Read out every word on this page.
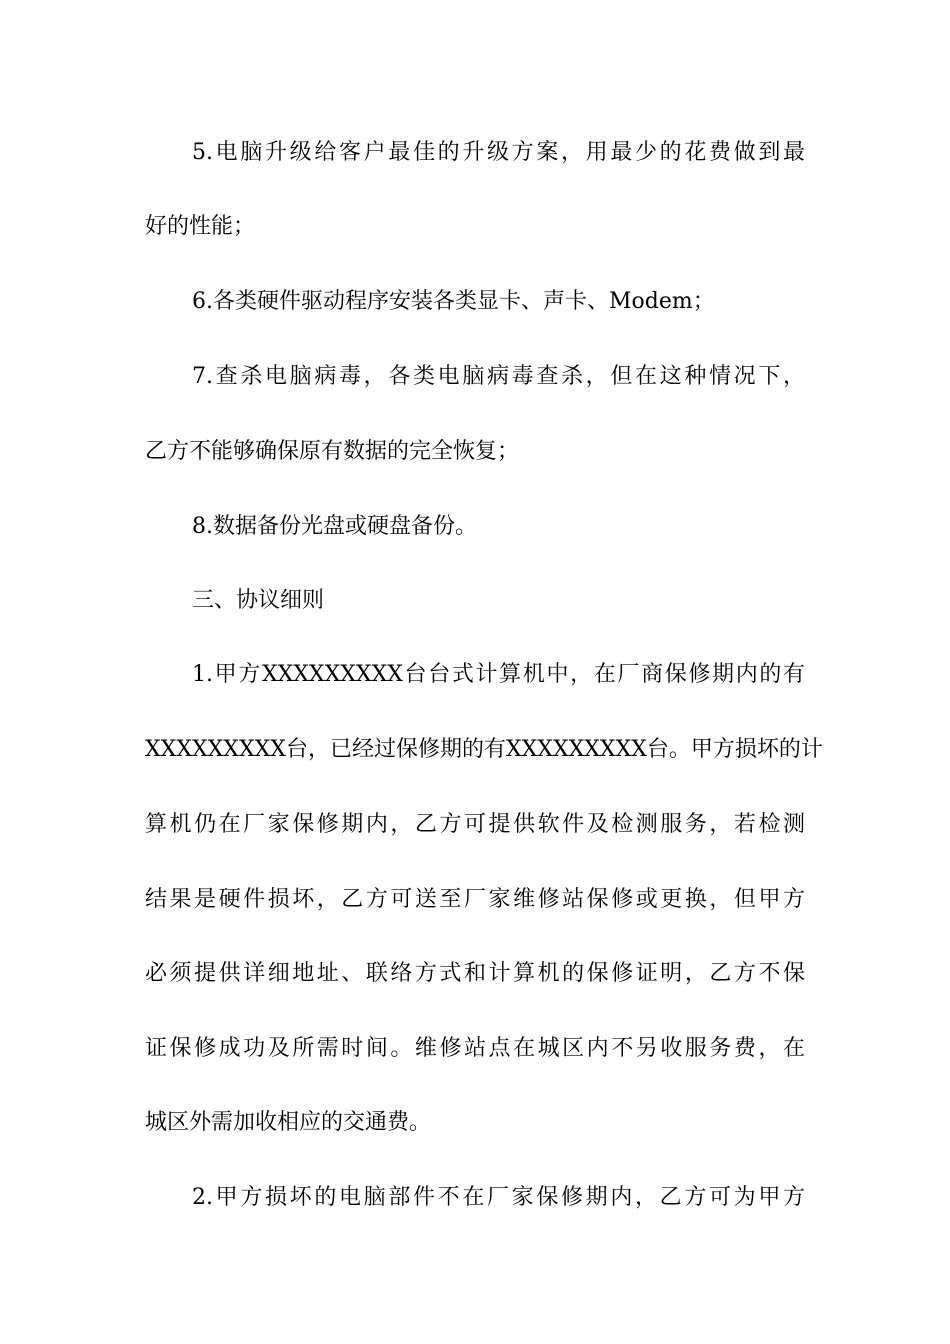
5.电脑升级给客户最佳的升级方案，用最少的花费做到最
好的性能；
6.各类硬件驱动程序安装各类显卡、声卡、Modem；
7.查杀电脑病毒，各类电脑病毒查杀，但在这种情况下，
乙方不能够确保原有数据的完全恢复；
8.数据备份光盘或硬盘备份。
三、协议细则
1.甲方XXXXXXXXX台台式计算机中，在厂商保修期内的有
XXXXXXXXX台，已经过保修期的有XXXXXXXXX台。甲方损坏的计
算机仍在厂家保修期内，乙方可提供软件及检测服务，若检测
结果是硬件损坏，乙方可送至厂家维修站保修或更换，但甲方
必须提供详细地址、联络方式和计算机的保修证明，乙方不保
证保修成功及所需时间。维修站点在城区内不另收服务费，在
城区外需加收相应的交通费。
2.甲方损坏的电脑部件不在厂家保修期内，乙方可为甲方
